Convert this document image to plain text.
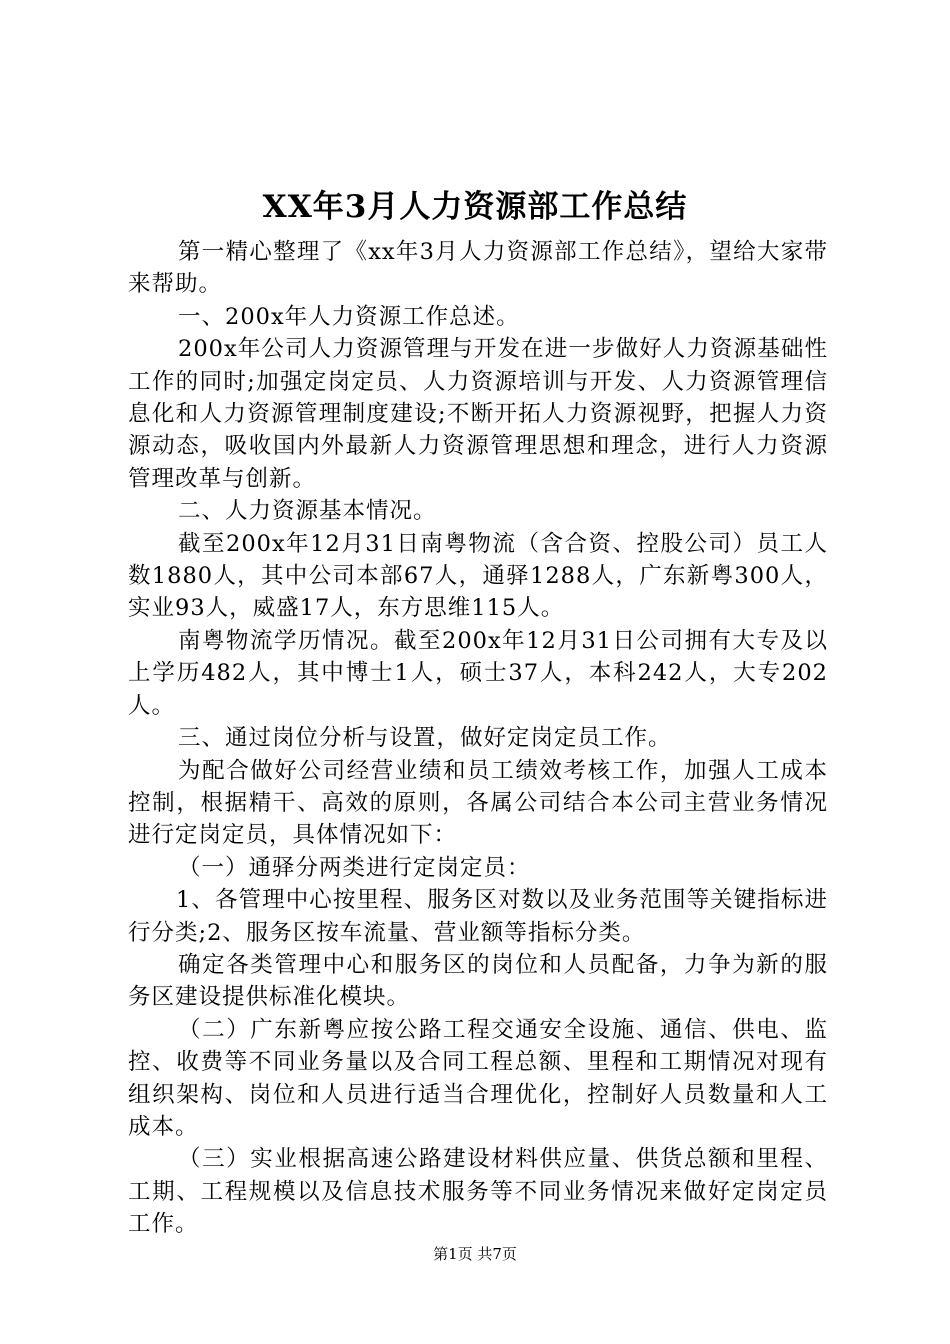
XX年3月人力资源部工作总结

第一精心整理了《xx年3月人力资源部工作总结》，望给大家带来帮助。

一、200x年人力资源工作总述。

200x年公司人力资源管理与开发在进一步做好人力资源基础性工作的同时;加强定岗定员、人力资源培训与开发、人力资源管理信息化和人力资源管理制度建设;不断开拓人力资源视野，把握人力资源动态，吸收国内外最新人力资源管理思想和理念，进行人力资源管理改革与创新。

二、人力资源基本情况。

截至200x年12月31日南粤物流（含合资、控股公司）员工人数1880人，其中公司本部67人，通驿1288人，广东新粤300人，实业93人，威盛17人，东方思维115人。

南粤物流学历情况。截至200x年12月31日公司拥有大专及以上学历482人，其中博士1人，硕士37人，本科242人，大专202人。

三、通过岗位分析与设置，做好定岗定员工作。

为配合做好公司经营业绩和员工绩效考核工作，加强人工成本控制，根据精干、高效的原则，各属公司结合本公司主营业务情况进行定岗定员，具体情况如下：

（一）通驿分两类进行定岗定员：

1、各管理中心按里程、服务区对数以及业务范围等关键指标进行分类;2、服务区按车流量、营业额等指标分类。

确定各类管理中心和服务区的岗位和人员配备，力争为新的服务区建设提供标准化模块。

（二）广东新粤应按公路工程交通安全设施、通信、供电、监控、收费等不同业务量以及合同工程总额、里程和工期情况对现有组织架构、岗位和人员进行适当合理优化，控制好人员数量和人工成本。

（三）实业根据高速公路建设材料供应量、供货总额和里程、工期、工程规模以及信息技术服务等不同业务情况来做好定岗定员工作。

第1页 共7页
